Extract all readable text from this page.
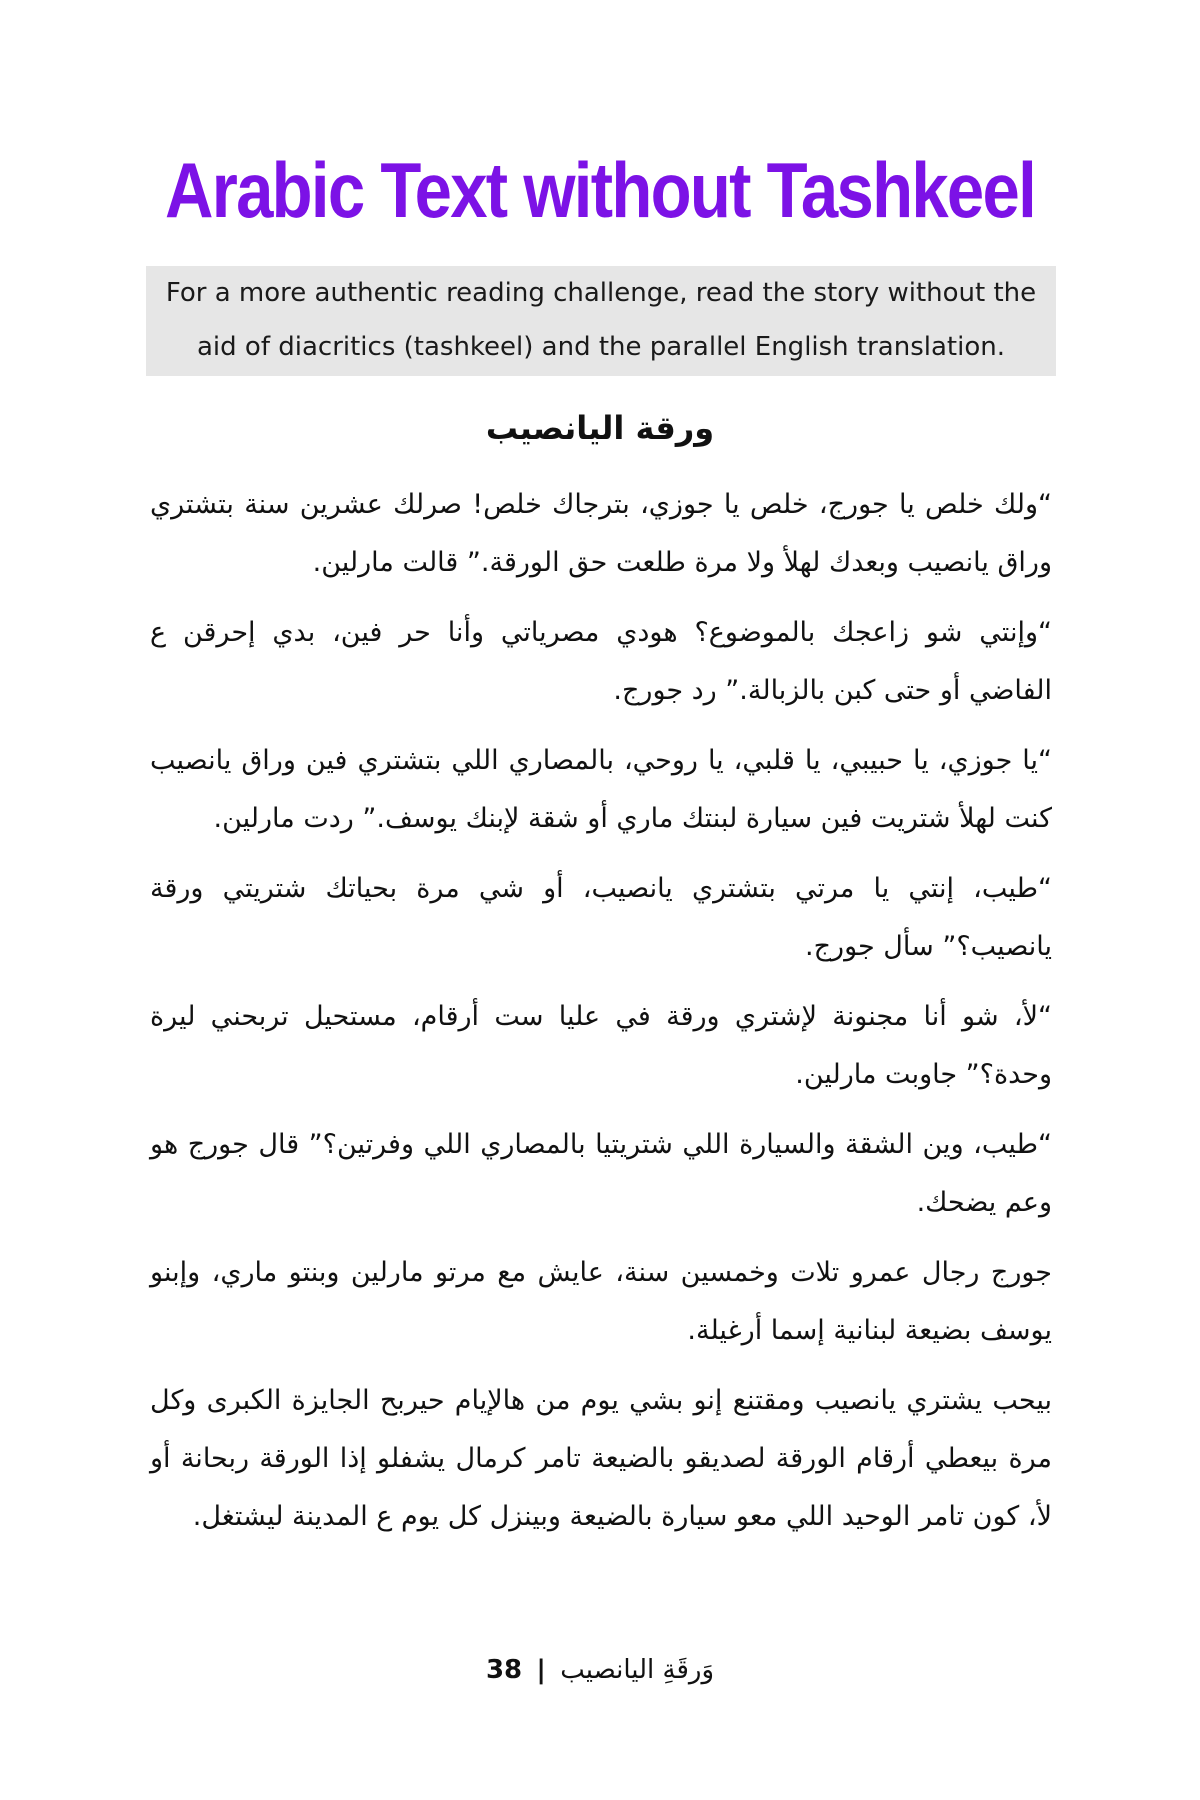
Arabic Text without Tashkeel
For a more authentic reading challenge, read the story without the
aid of diacritics (tashkeel) and the parallel English translation.
ورقة اليانصيب

“ولك خلص يا جورج، خلص يا جوزي، بترجاك خلص! صرلك عشرين سنة بتشتري وراق يانصيب وبعدك لهلأ ولا مرة طلعت حق الورقة.” قالت مارلين.

“وإنتي شو زاعجك بالموضوع؟ هودي مصرياتي وأنا حر فين، بدي إحرقن ع الفاضي أو حتى كبن بالزبالة.” رد جورج.

“يا جوزي، يا حبيبي، يا قلبي، يا روحي، بالمصاري اللي بتشتري فين وراق يانصيب كنت لهلأ شتريت فين سيارة لبنتك ماري أو شقة لإبنك يوسف.” ردت مارلين.

“طيب، إنتي يا مرتي بتشتري يانصيب، أو شي مرة بحياتك شتريتي ورقة يانصيب؟” سأل جورج.

“لأ، شو أنا مجنونة لإشتري ورقة في عليا ست أرقام، مستحيل تربحني ليرة وحدة؟” جاوبت مارلين.

“طيب، وين الشقة والسيارة اللي شتريتيا بالمصاري اللي وفرتين؟” قال جورج هو وعم يضحك.

جورج رجال عمرو تلات وخمسين سنة، عايش مع مرتو مارلين وبنتو ماري، وإبنو يوسف بضيعة لبنانية إسما أرغيلة.

بيحب يشتري يانصيب ومقتنع إنو بشي يوم من هالإيام حيربح الجايزة الكبرى وكل مرة بيعطي أرقام الورقة لصديقو بالضيعة تامر كرمال يشفلو إذا الورقة ربحانة أو لأ، كون تامر الوحيد اللي معو سيارة بالضيعة وبينزل كل يوم ع المدينة ليشتغل.

38 | وَرقَةِ اليانصيب
